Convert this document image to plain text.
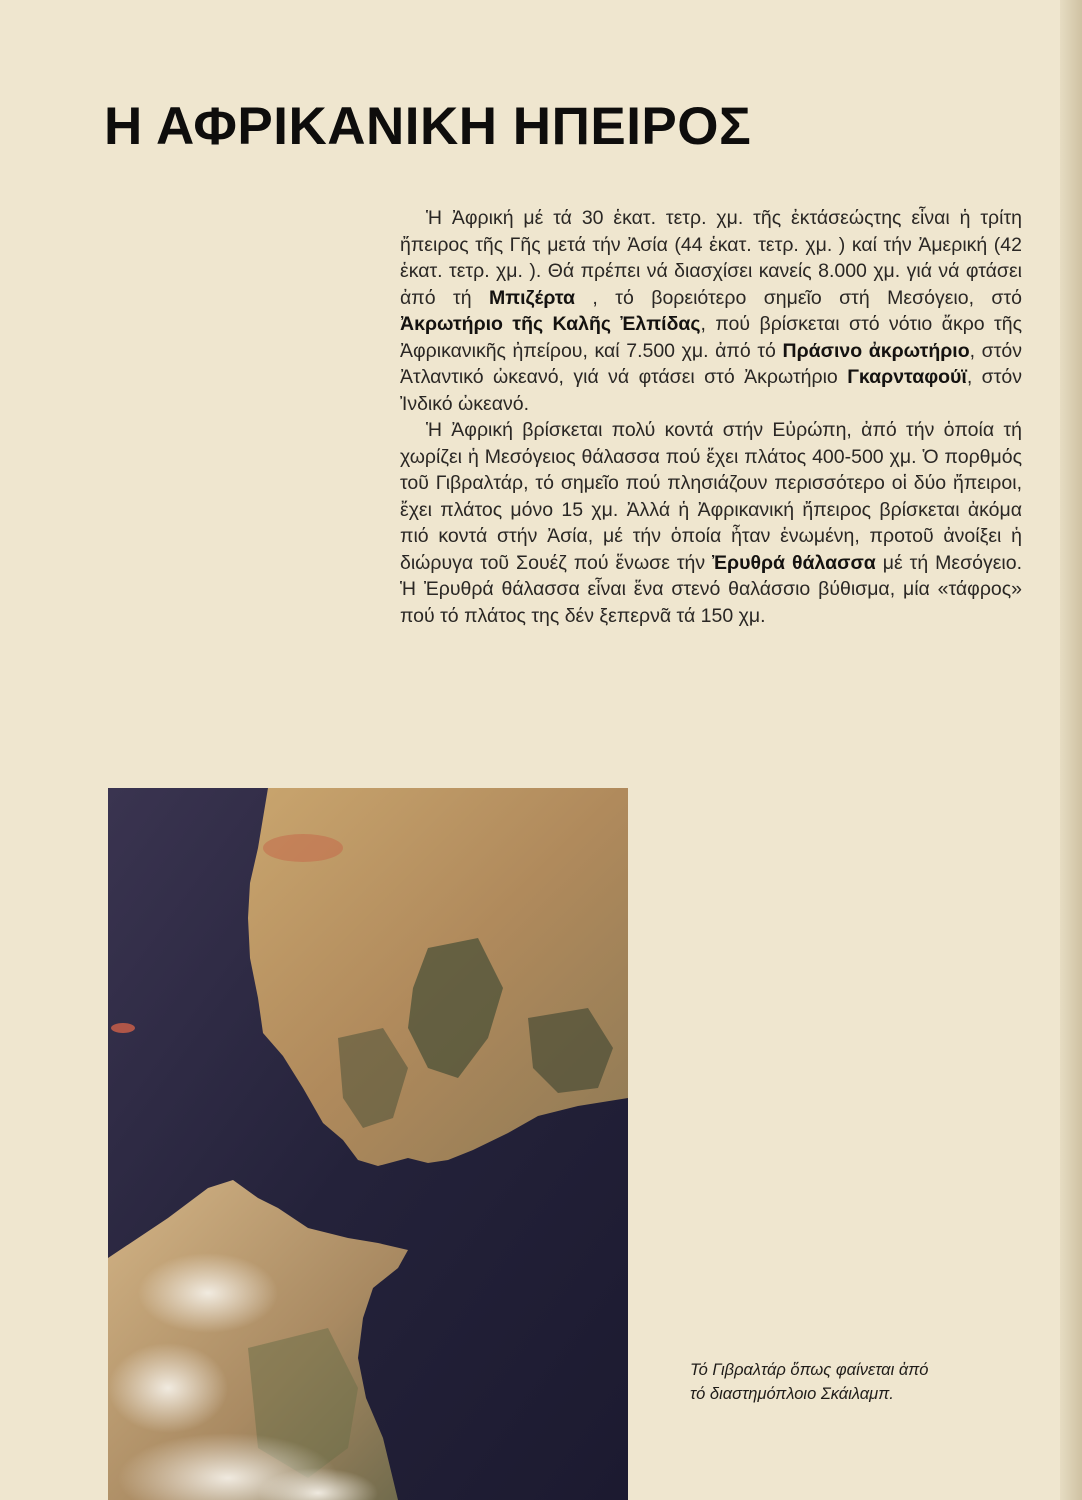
Η ΑΦΡΙΚΑΝΙΚΗ ΗΠΕΙΡΟΣ

Ἡ Ἀφρική μέ τά 30 ἑκατ. τετρ. χμ. τῆς ἐκτάσεώςτης εἶναι ἡ τρίτη ἤπειρος τῆς Γῆς μετά τήν Ἀσία (44 ἑκατ. τετρ. χμ. ) καί τήν Ἀμερική (42 ἑκατ. τετρ. χμ. ). Θά πρέπει νά διασχίσει κανείς 8.000 χμ. γιά νά φτάσει ἀπό τή Μπιζέρτα , τό βορειότερο σημεῖο στή Μεσόγειο, στό Ἀκρωτήριο τῆς Καλῆς Ἐλπίδας, πού βρίσκεται στό νότιο ἄκρο τῆς Ἀφρικανικῆς ἠπείρου, καί 7.500 χμ. ἀπό τό Πράσινο ἀκρωτήριο, στόν Ἀτλαντικό ὠκεανό, γιά νά φτάσει στό Ἀκρωτήριο Γκαρνταφούϊ, στόν Ἰνδικό ὠκεανό.

Ἡ Ἀφρική βρίσκεται πολύ κοντά στήν Εὐρώπη, ἀπό τήν ὁποία τή χωρίζει ἡ Μεσόγειος θάλασσα πού ἔχει πλάτος 400-500 χμ. Ὁ πορθμός τοῦ Γιβραλτάρ, τό σημεῖο πού πλησιάζουν περισσότερο οἱ δύο ἤπειροι, ἔχει πλάτος μόνο 15 χμ. Ἀλλά ἡ Ἀφρικανική ἤπειρος βρίσκεται ἀκόμα πιό κοντά στήν Ἀσία, μέ τήν ὁποία ἦταν ἑνωμένη, προτοῦ ἀνοίξει ἡ διώρυγα τοῦ Σουέζ πού ἕνωσε τήν Ἐρυθρά θάλασσα μέ τή Μεσόγειο. Ἡ Ἐρυθρά θάλασσα εἶναι ἕνα στενό θαλάσσιο βύθισμα, μία «τάφρος» πού τό πλάτος της δέν ξεπερνᾶ τά 150 χμ.

Τό Γιβραλτάρ ὅπως φαίνεται ἀπό
τό διαστημόπλοιο Σκάιλαμπ.
